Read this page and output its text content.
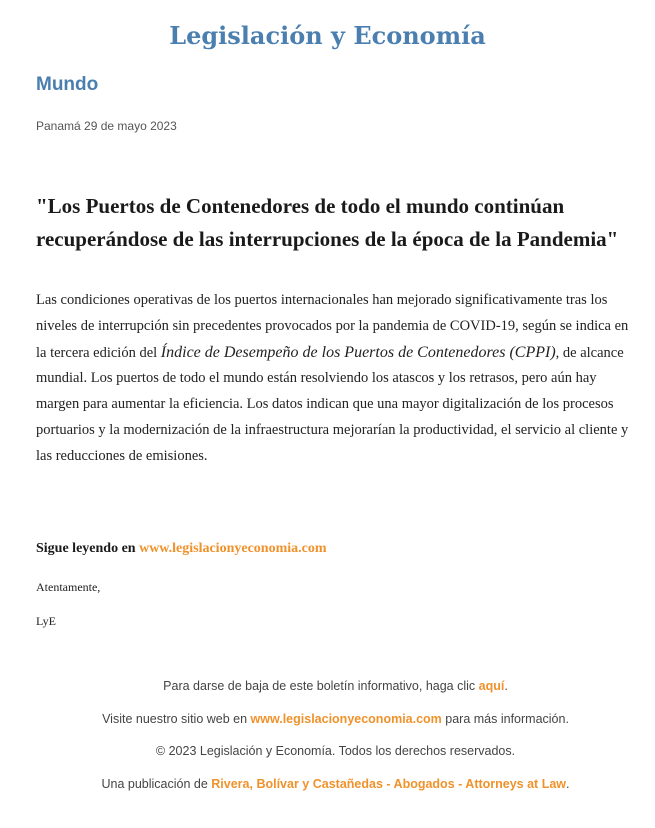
Legislación y Economía
Mundo
Panamá 29 de mayo 2023
"Los Puertos de Contenedores de todo el mundo continúan recuperándose de las interrupciones de la época de la Pandemia"

Las condiciones operativas de los puertos internacionales han mejorado significativamente tras los niveles de interrupción sin precedentes provocados por la pandemia de COVID-19, según se indica en la tercera edición del Índice de Desempeño de los Puertos de Contenedores (CPPI), de alcance mundial. Los puertos de todo el mundo están resolviendo los atascos y los retrasos, pero aún hay margen para aumentar la eficiencia. Los datos indican que una mayor digitalización de los procesos portuarios y la modernización de la infraestructura mejorarían la productividad, el servicio al cliente y las reducciones de emisiones.

Sigue leyendo en www.legislacionyeconomia.com
Atentamente,
LyE

Para darse de baja de este boletín informativo, haga clic aquí.

Visite nuestro sitio web en www.legislacionyeconomia.com para más información.

© 2023 Legislación y Economía. Todos los derechos reservados.

Una publicación de Rivera, Bolívar y Castañedas - Abogados - Attorneys at Law.
